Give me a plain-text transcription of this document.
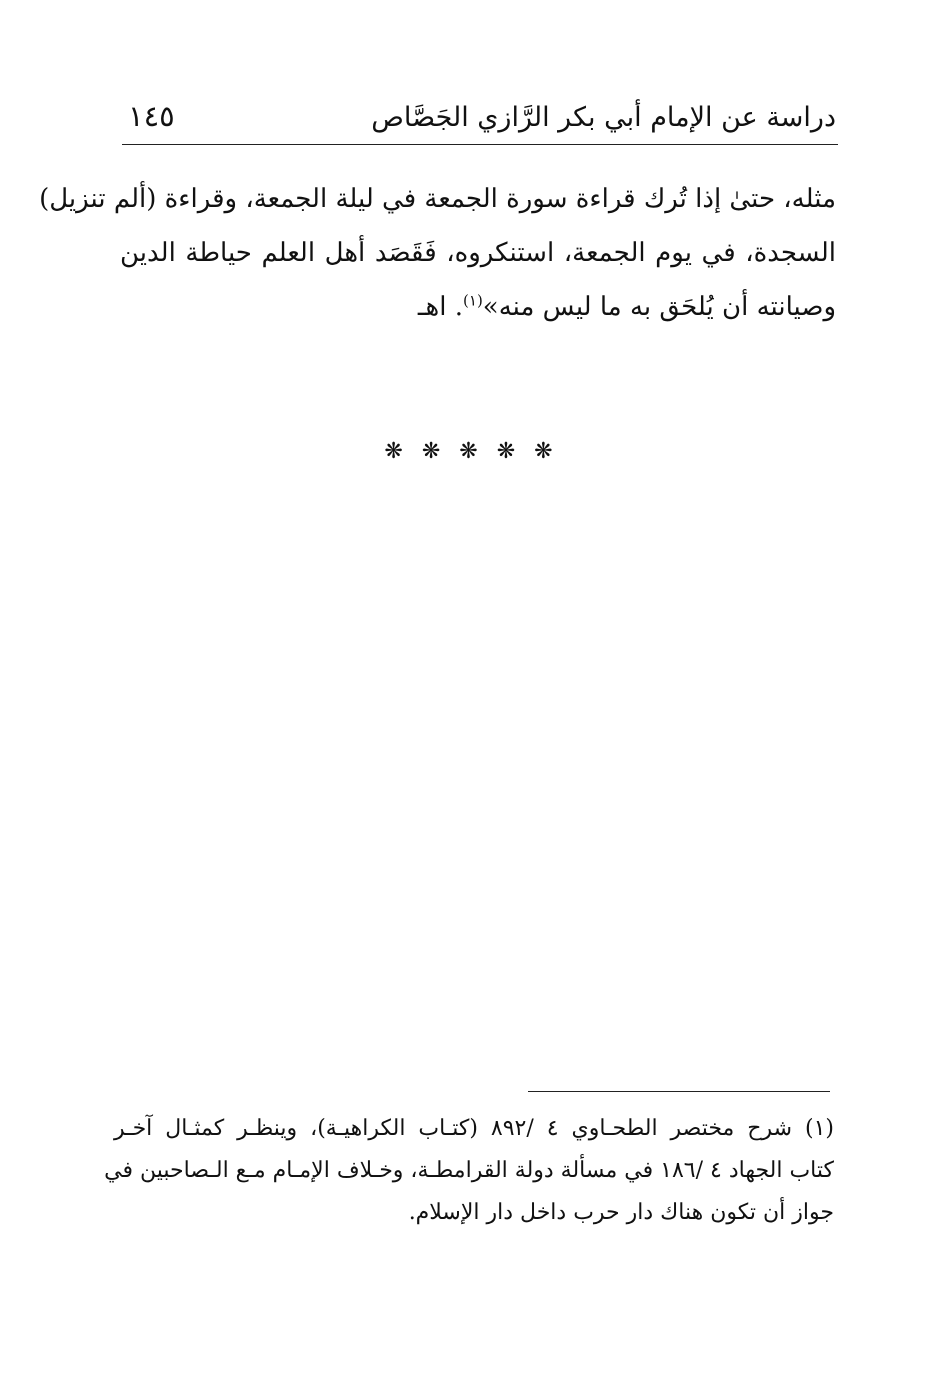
دراسة عن الإمام أبي بكر الرَّازي الجَصَّاص
١٤٥
مثله، حتىٰ إذا تُرك قراءة سورة الجمعة في ليلة الجمعة، وقراءة (ألم تنزيل)
السجدة، في يوم الجمعة، استنكروه، فَقَصَد أهل العلم حياطة الدين
وصيانته أن يُلحَق به ما ليس منه»$^{(١)}$. اهـ
❋ ❋ ❋ ❋ ❋
(١) شرح مختصر الطحـاوي ٤ /٨٩٢ (كتـاب الكراهيـة)، وينظـر كمثـال آخـر
كتاب الجهاد ٤ /١٨٦ في مسألة دولة القرامطـة، وخـلاف الإمـام مـع الـصاحبين في
جواز أن تكون هناك دار حرب داخل دار الإسلام.
